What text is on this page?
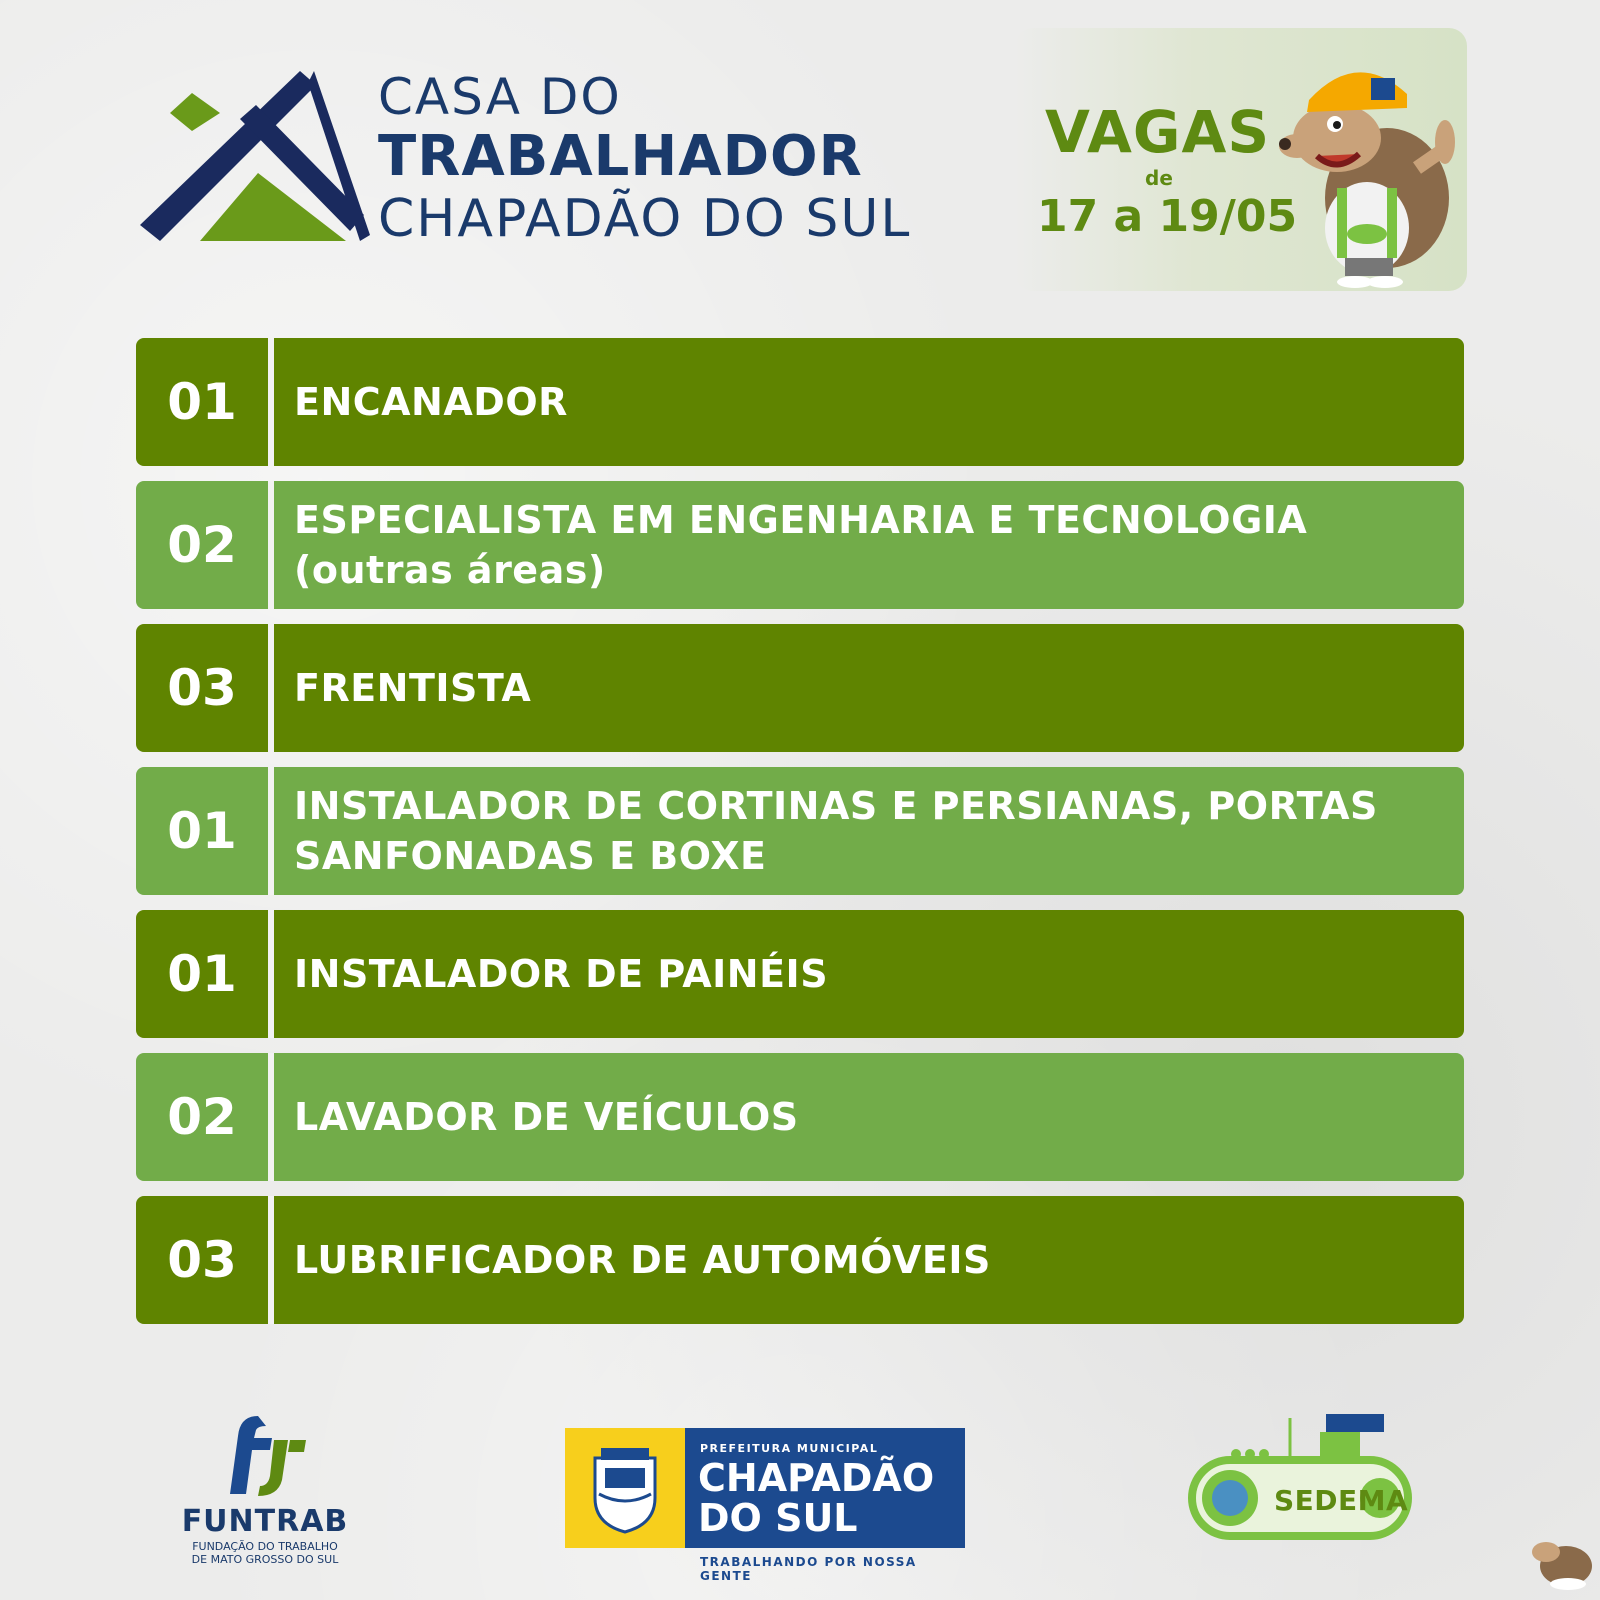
CASA DO
TRABALHADOR
CHAPADÃO DO SUL
VAGAS
de
17 a 19/05
01	ENCANADOR
02	ESPECIALISTA EM ENGENHARIA E TECNOLOGIA (outras áreas)
03	FRENTISTA
01	INSTALADOR DE CORTINAS E PERSIANAS, PORTAS SANFONADAS E BOXE
01	INSTALADOR DE PAINÉIS
02	LAVADOR DE VEÍCULOS
03	LUBRIFICADOR DE AUTOMÓVEIS
FUNTRAB
FUNDAÇÃO DO TRABALHO
DE MATO GROSSO DO SUL
PREFEITURA MUNICIPAL
CHAPADÃO
DO SUL
TRABALHANDO POR NOSSA GENTE
SEDEMA
